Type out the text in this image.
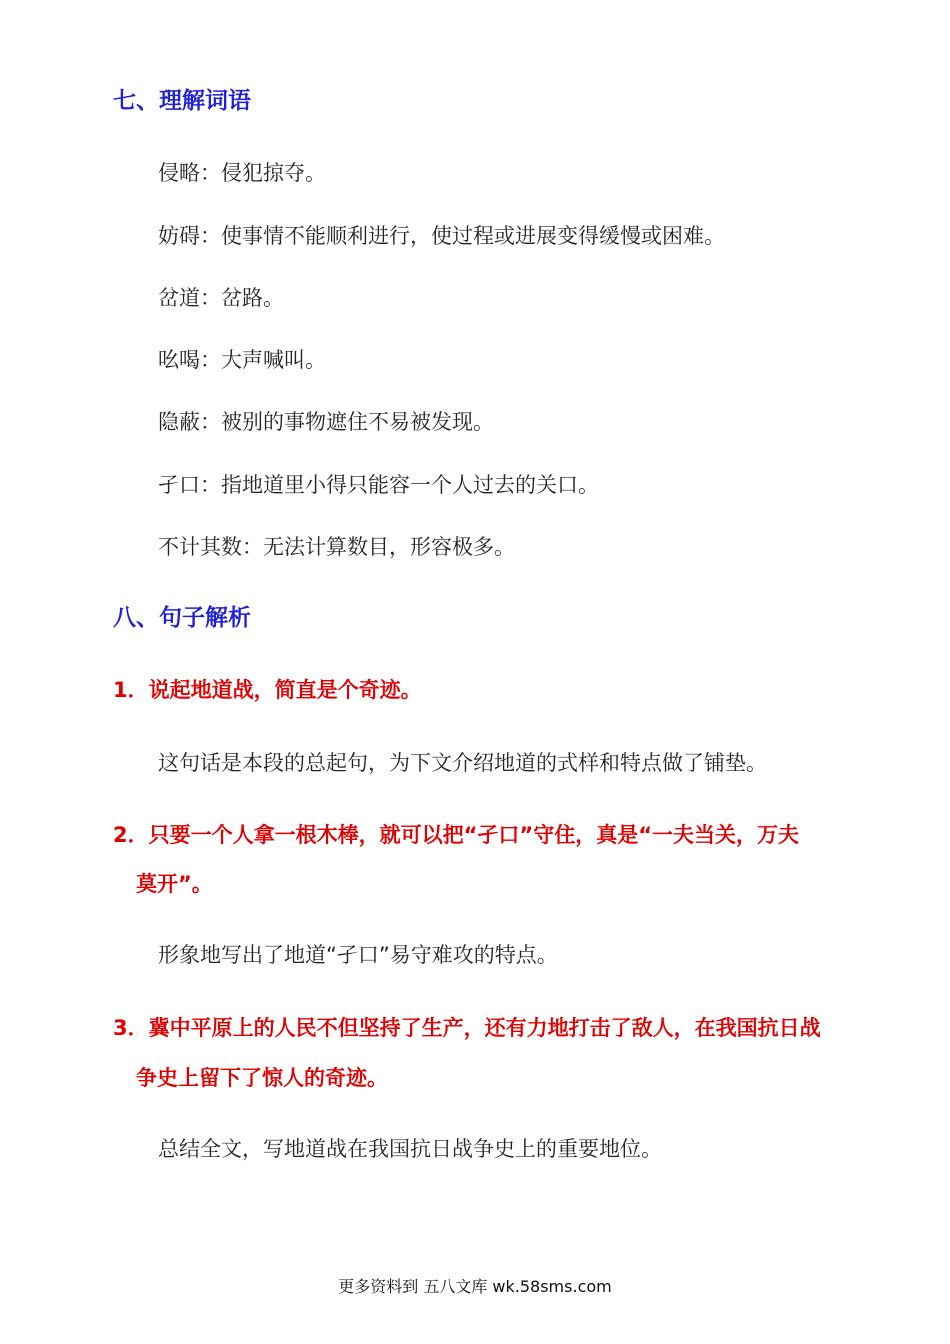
七、理解词语
侵略：侵犯掠夺。
妨碍：使事情不能顺利进行，使过程或进展变得缓慢或困难。
岔道：岔路。
吆喝：大声喊叫。
隐蔽：被别的事物遮住不易被发现。
孑口：指地道里小得只能容一个人过去的关口。
不计其数：无法计算数目，形容极多。
八、句子解析
1．说起地道战，简直是个奇迹。
这句话是本段的总起句，为下文介绍地道的式样和特点做了铺垫。
2．只要一个人拿一根木棒，就可以把“孑口”守住，真是“一夫当关，万夫
莫开”。
形象地写出了地道“孑口”易守难攻的特点。
3．冀中平原上的人民不但坚持了生产，还有力地打击了敌人，在我国抗日战
争史上留下了惊人的奇迹。
总结全文，写地道战在我国抗日战争史上的重要地位。
更多资料到 五八文库 wk.58sms.com
